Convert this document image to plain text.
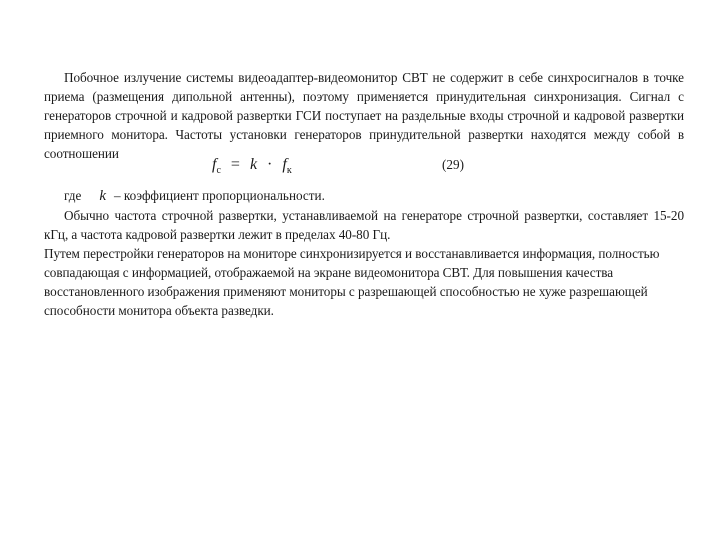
Побочное излучение системы видеоадаптер-видеомонитор СВТ не содержит в себе синхросигналов в точке приема (размещения дипольной антенны), поэтому применяется принудительная синхронизация. Сигнал с генераторов строчной и кадровой развертки ГСИ поступает на раздельные входы строчной и кадровой развертки приемного монитора. Частоты установки генераторов принудительной развертки находятся между собой в соотношении
$f_c = k \cdot f_к$	(29)
где k – коэффициент пропорциональности.
Обычно частота строчной развертки, устанавливаемой на генераторе строчной развертки, составляет 15-20 кГц, а частота кадровой развертки лежит в пределах 40-80 Гц.
Путем перестройки генераторов на мониторе синхронизируется и восстанавливается информация, полностью совпадающая с информацией, отображаемой на экране видеомонитора СВТ. Для повышения качества восстановленного изображения применяют мониторы с разрешающей способностью не хуже разрешающей способности монитора объекта разведки.
